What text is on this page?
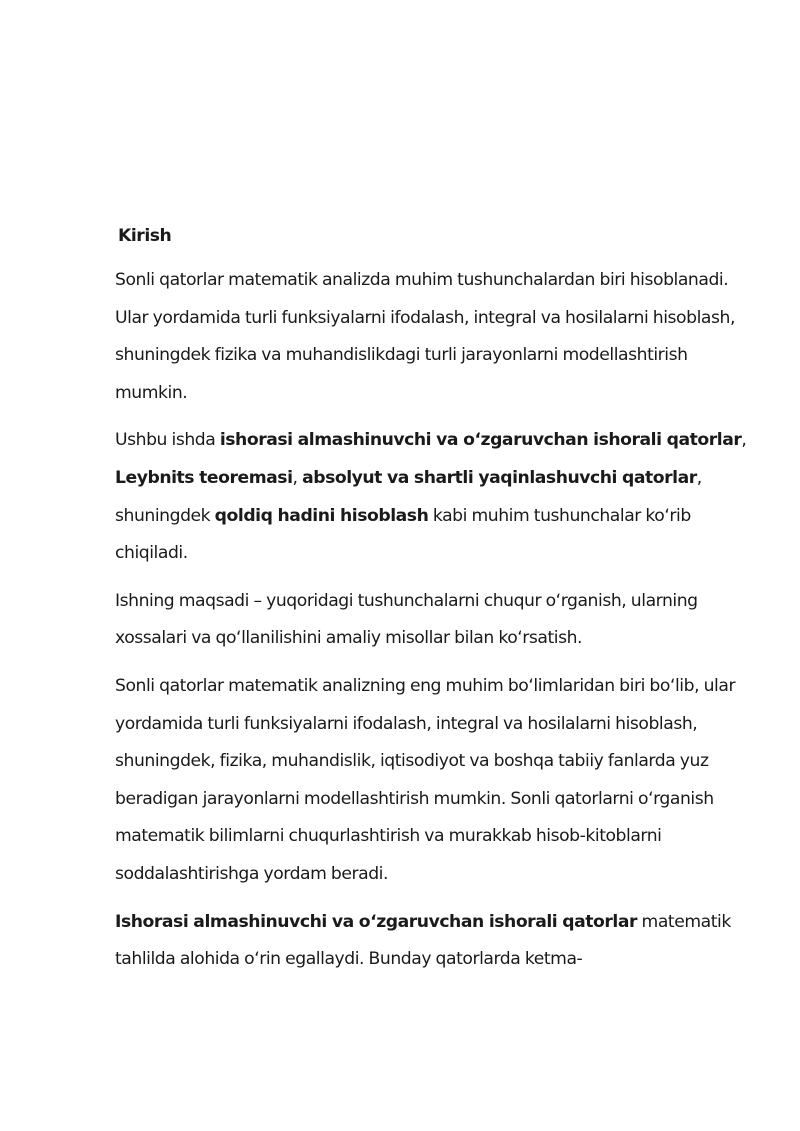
Kirish

Sonli qatorlar matematik analizda muhim tushunchalardan biri hisoblanadi. Ular yordamida turli funksiyalarni ifodalash, integral va hosilalarni hisoblash, shuningdek fizika va muhandislikdagi turli jarayonlarni modellashtirish mumkin.

Ushbu ishda ishorasi almashinuvchi va o‘zgaruvchan ishorali qatorlar, Leybnits teoremasi, absolyut va shartli yaqinlashuvchi qatorlar, shuningdek qoldiq hadini hisoblash kabi muhim tushunchalar ko‘rib chiqiladi.

Ishning maqsadi – yuqoridagi tushunchalarni chuqur o‘rganish, ularning xossalari va qo‘llanilishini amaliy misollar bilan ko‘rsatish.

Sonli qatorlar matematik analizning eng muhim bo‘limlaridan biri bo‘lib, ular yordamida turli funksiyalarni ifodalash, integral va hosilalarni hisoblash, shuningdek, fizika, muhandislik, iqtisodiyot va boshqa tabiiy fanlarda yuz beradigan jarayonlarni modellashtirish mumkin. Sonli qatorlarni o‘rganish matematik bilimlarni chuqurlashtirish va murakkab hisob-kitoblarni soddalashtirishga yordam beradi.

Ishorasi almashinuvchi va o‘zgaruvchan ishorali qatorlar matematik tahlilda alohida o‘rin egallaydi. Bunday qatorlarda ketma-
